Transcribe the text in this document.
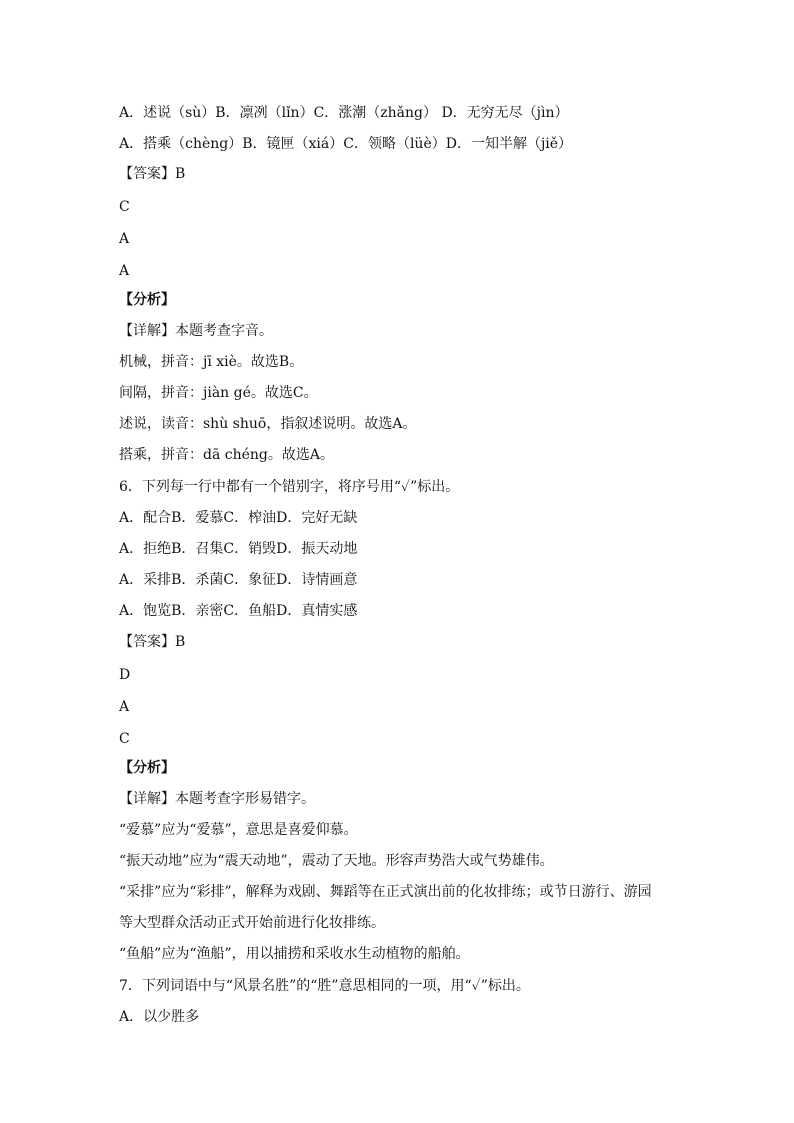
A．述说（sù）B．凛冽（lǐn）C．涨潮（zhǎng） D．无穷无尽（jìn）
A．搭乘（chèng）B．镜匣（xiá）C．领略（lüè）D．一知半解（jiě）
【答案】B
C
A
A
【分析】
【详解】本题考查字音。
机械，拼音：jī xiè。故选B。
间隔，拼音：jiàn gé。故选C。
述说，读音：shù shuō，指叙述说明。故选A。
搭乘，拼音：dā chéng。故选A。
6．下列每一行中都有一个错别字，将序号用“✓”标出。
A．配合B．爱慕C．榨油D．完好无缺
A．拒绝B．召集C．销毁D．振天动地
A．采排B．杀菌C．象征D．诗情画意
A．饱览B．亲密C．鱼船D．真情实感
【答案】B
D
A
C
【分析】
【详解】本题考查字形易错字。
“爱慕”应为“爱慕”，意思是喜爱仰慕。
“振天动地”应为“震天动地”，震动了天地。形容声势浩大或气势雄伟。
“采排”应为“彩排”，解释为戏剧、舞蹈等在正式演出前的化妆排练；或节日游行、游园
等大型群众活动正式开始前进行化妆排练。
“鱼船”应为“渔船”，用以捕捞和采收水生动植物的船舶。
7．下列词语中与“风景名胜”的“胜”意思相同的一项，用“✓”标出。
A．以少胜多
